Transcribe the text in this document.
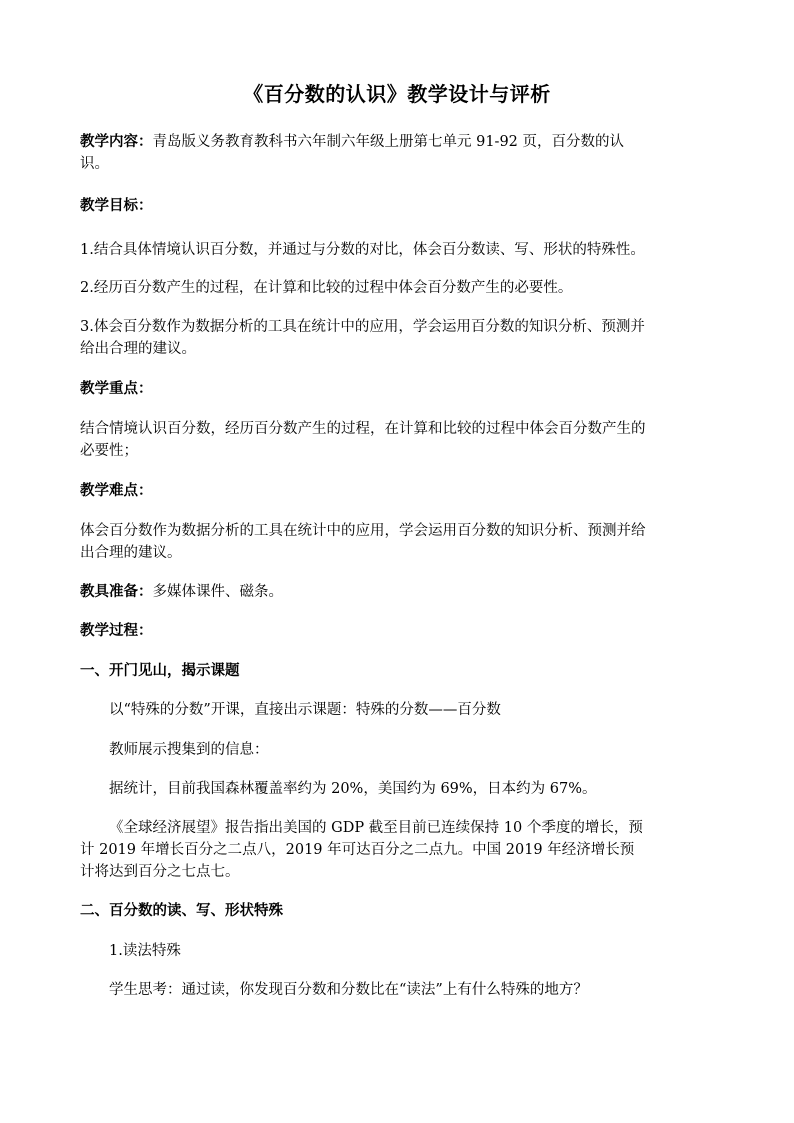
《百分数的认识》教学设计与评析

教学内容：青岛版义务教育教科书六年制六年级上册第七单元 91-92 页，百分数的认识。

教学目标：

1.结合具体情境认识百分数，并通过与分数的对比，体会百分数读、写、形状的特殊性。

2.经历百分数产生的过程，在计算和比较的过程中体会百分数产生的必要性。

3.体会百分数作为数据分析的工具在统计中的应用，学会运用百分数的知识分析、预测并给出合理的建议。

教学重点：

结合情境认识百分数，经历百分数产生的过程，在计算和比较的过程中体会百分数产生的必要性；

教学难点：

体会百分数作为数据分析的工具在统计中的应用，学会运用百分数的知识分析、预测并给出合理的建议。

教具准备：多媒体课件、磁条。

教学过程：

一、开门见山，揭示课题

以“特殊的分数”开课，直接出示课题：特殊的分数——百分数

教师展示搜集到的信息：

据统计，目前我国森林覆盖率约为 20%，美国约为 69%，日本约为 67%。

《全球经济展望》报告指出美国的 GDP 截至目前已连续保持 10 个季度的增长，预计 2019 年增长百分之二点八，2019 年可达百分之二点九。中国 2019 年经济增长预计将达到百分之七点七。

二、百分数的读、写、形状特殊

1.读法特殊

学生思考：通过读，你发现百分数和分数比在“读法”上有什么特殊的地方？
